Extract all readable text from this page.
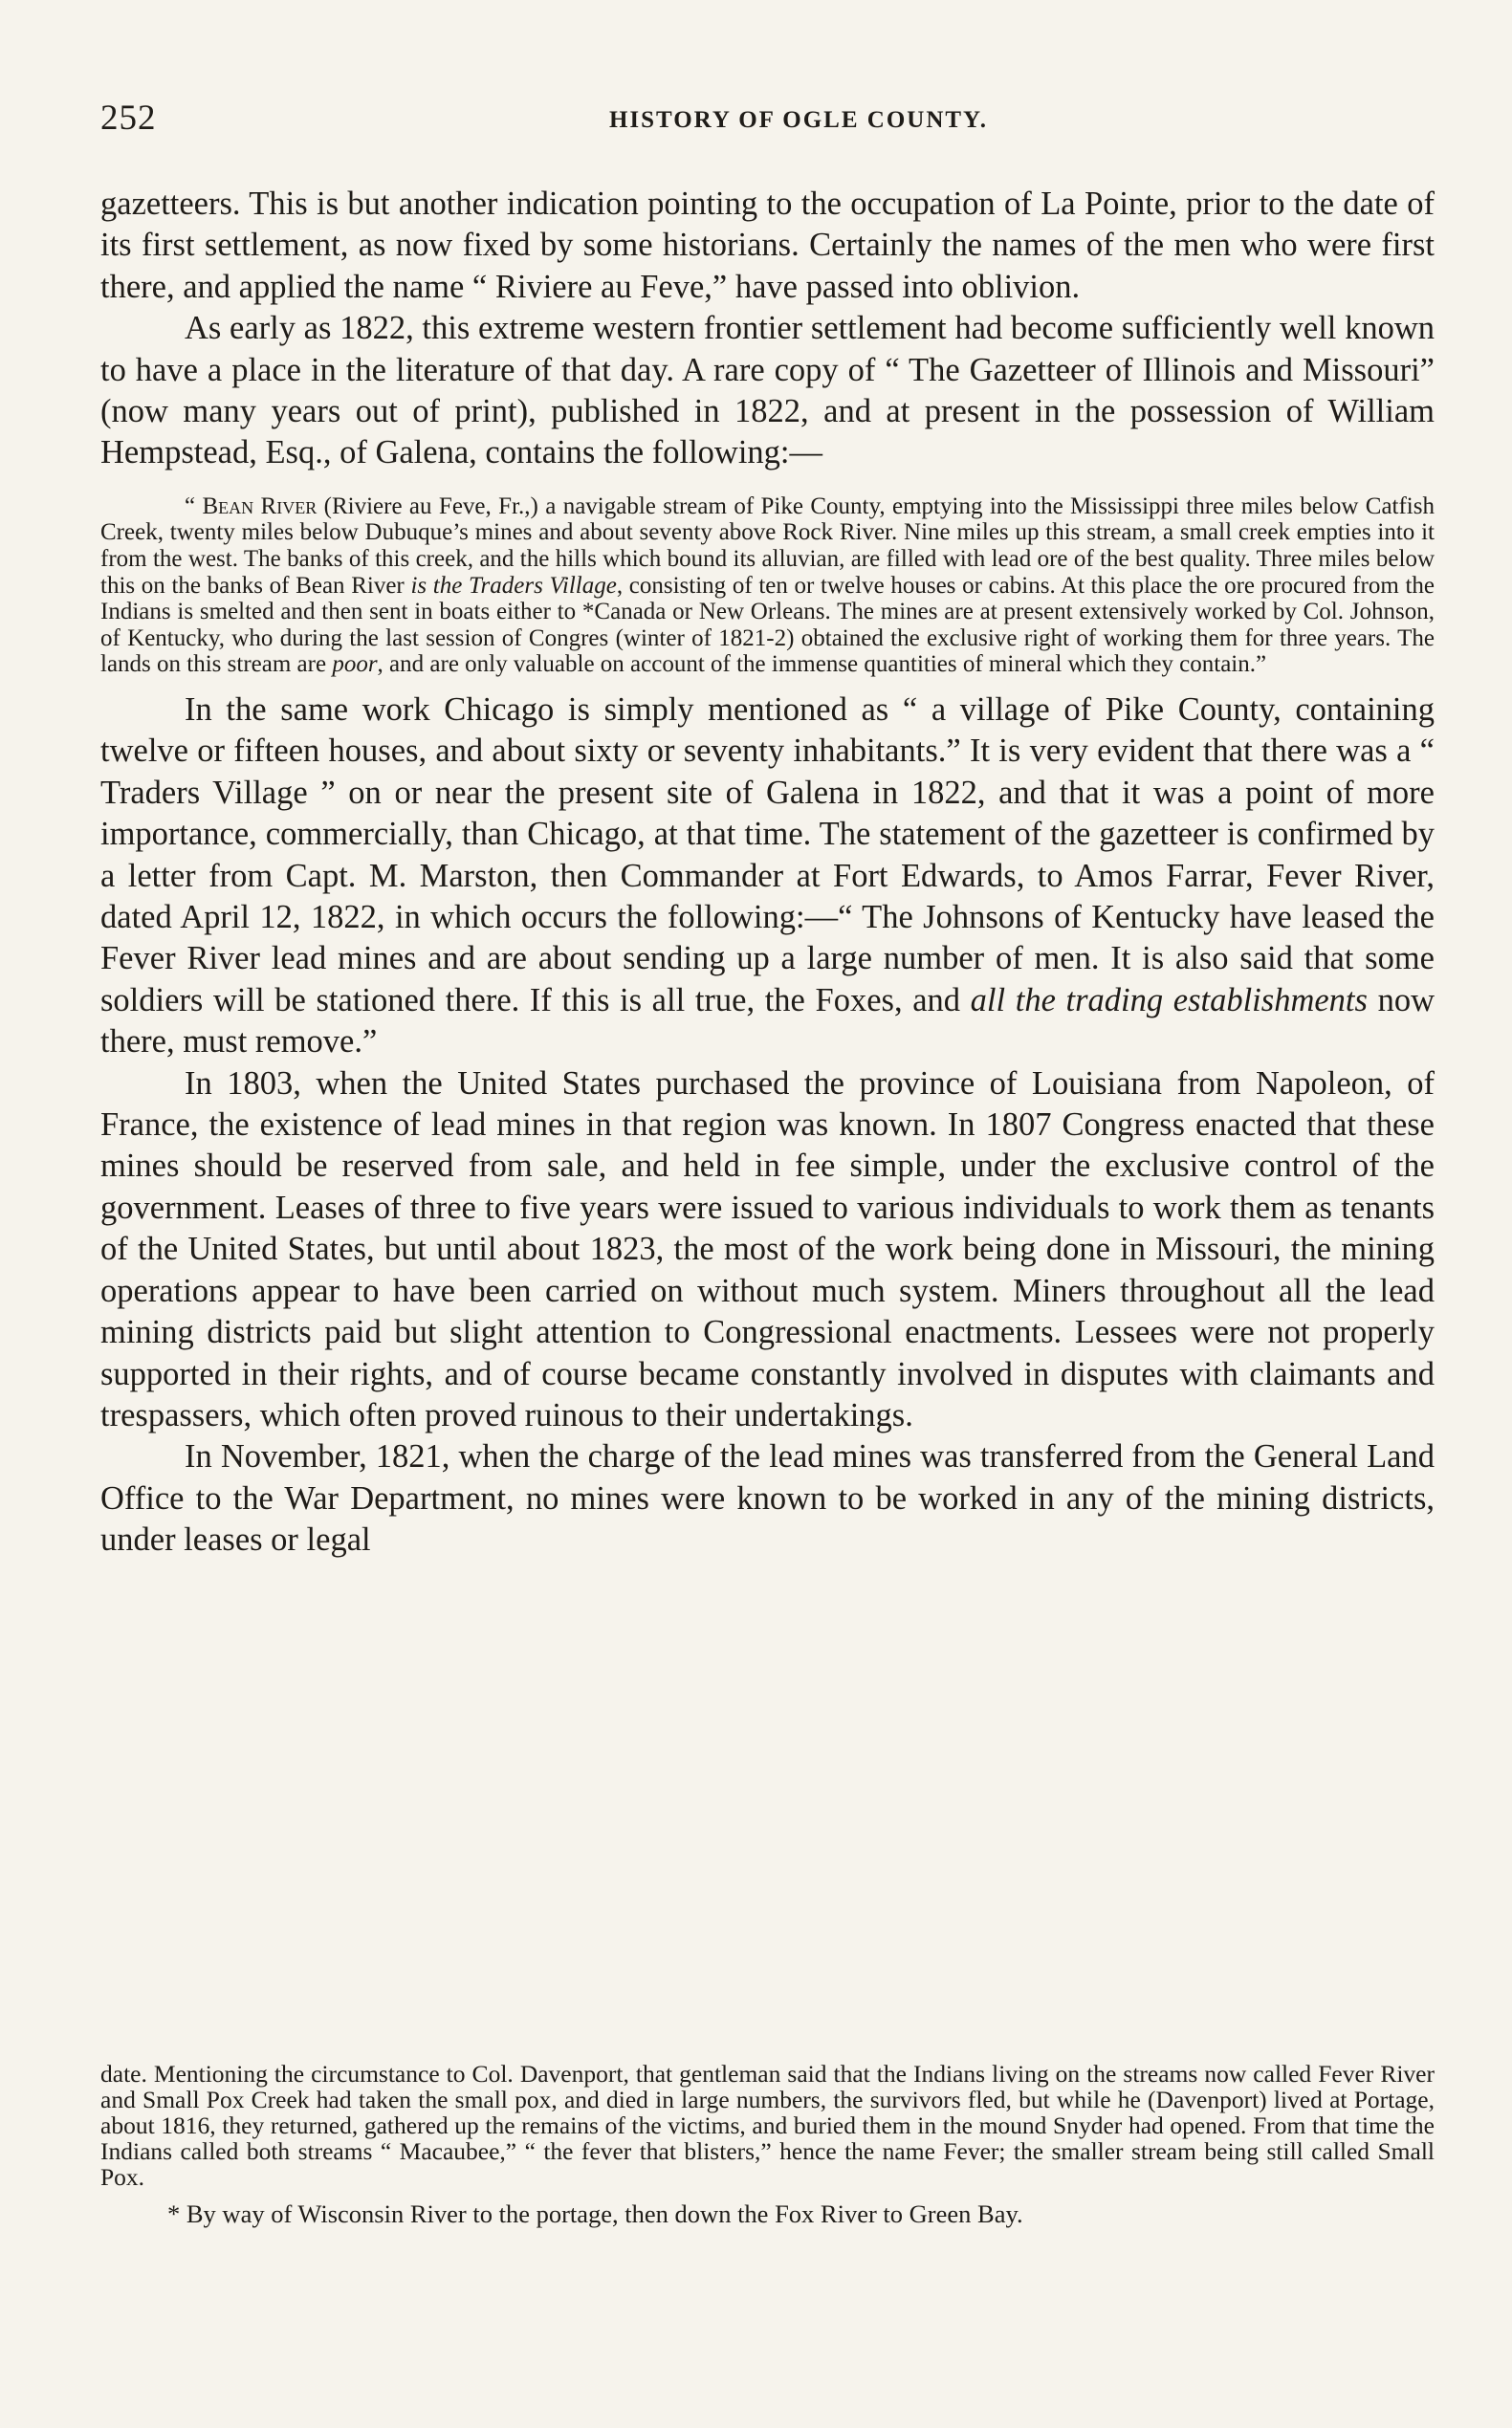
252	HISTORY OF OGLE COUNTY.

gazetteers. This is but another indication pointing to the occupation of La Pointe, prior to the date of its first settlement, as now fixed by some historians. Certainly the names of the men who were first there, and applied the name “ Riviere au Feve,” have passed into oblivion.

As early as 1822, this extreme western frontier settlement had become sufficiently well known to have a place in the literature of that day. A rare copy of “ The Gazetteer of Illinois and Missouri” (now many years out of print), published in 1822, and at present in the possession of William Hempstead, Esq., of Galena, contains the following:—

“ Bean River (Riviere au Feve, Fr.,) a navigable stream of Pike County, emptying into the Mississippi three miles below Catfish Creek, twenty miles below Dubuque’s mines and about seventy above Rock River. Nine miles up this stream, a small creek empties into it from the west. The banks of this creek, and the hills which bound its alluvian, are filled with lead ore of the best quality. Three miles below this on the banks of Bean River is the Traders Village, consisting of ten or twelve houses or cabins. At this place the ore procured from the Indians is smelted and then sent in boats either to *Canada or New Orleans. The mines are at present extensively worked by Col. Johnson, of Kentucky, who during the last session of Congres (winter of 1821-2) obtained the exclusive right of working them for three years. The lands on this stream are poor, and are only valuable on account of the immense quantities of mineral which they contain.”

In the same work Chicago is simply mentioned as “ a village of Pike County, containing twelve or fifteen houses, and about sixty or seventy inhabitants.” It is very evident that there was a “ Traders Village ” on or near the present site of Galena in 1822, and that it was a point of more importance, commercially, than Chicago, at that time. The statement of the gazetteer is confirmed by a letter from Capt. M. Marston, then Commander at Fort Edwards, to Amos Farrar, Fever River, dated April 12, 1822, in which occurs the following:—“ The Johnsons of Kentucky have leased the Fever River lead mines and are about sending up a large number of men. It is also said that some soldiers will be stationed there. If this is all true, the Foxes, and all the trading establishments now there, must remove.”

In 1803, when the United States purchased the province of Louisiana from Napoleon, of France, the existence of lead mines in that region was known. In 1807 Congress enacted that these mines should be reserved from sale, and held in fee simple, under the exclusive control of the government. Leases of three to five years were issued to various individuals to work them as tenants of the United States, but until about 1823, the most of the work being done in Missouri, the mining operations appear to have been carried on without much system. Miners throughout all the lead mining districts paid but slight attention to Congressional enactments. Lessees were not properly supported in their rights, and of course became constantly involved in disputes with claimants and trespassers, which often proved ruinous to their undertakings.

In November, 1821, when the charge of the lead mines was transferred from the General Land Office to the War Department, no mines were known to be worked in any of the mining districts, under leases or legal

date. Mentioning the circumstance to Col. Davenport, that gentleman said that the Indians living on the streams now called Fever River and Small Pox Creek had taken the small pox, and died in large numbers, the survivors fled, but while he (Davenport) lived at Portage, about 1816, they returned, gathered up the remains of the victims, and buried them in the mound Snyder had opened. From that time the Indians called both streams “ Macaubee,” “ the fever that blisters,” hence the name Fever; the smaller stream being still called Small Pox.

* By way of Wisconsin River to the portage, then down the Fox River to Green Bay.
